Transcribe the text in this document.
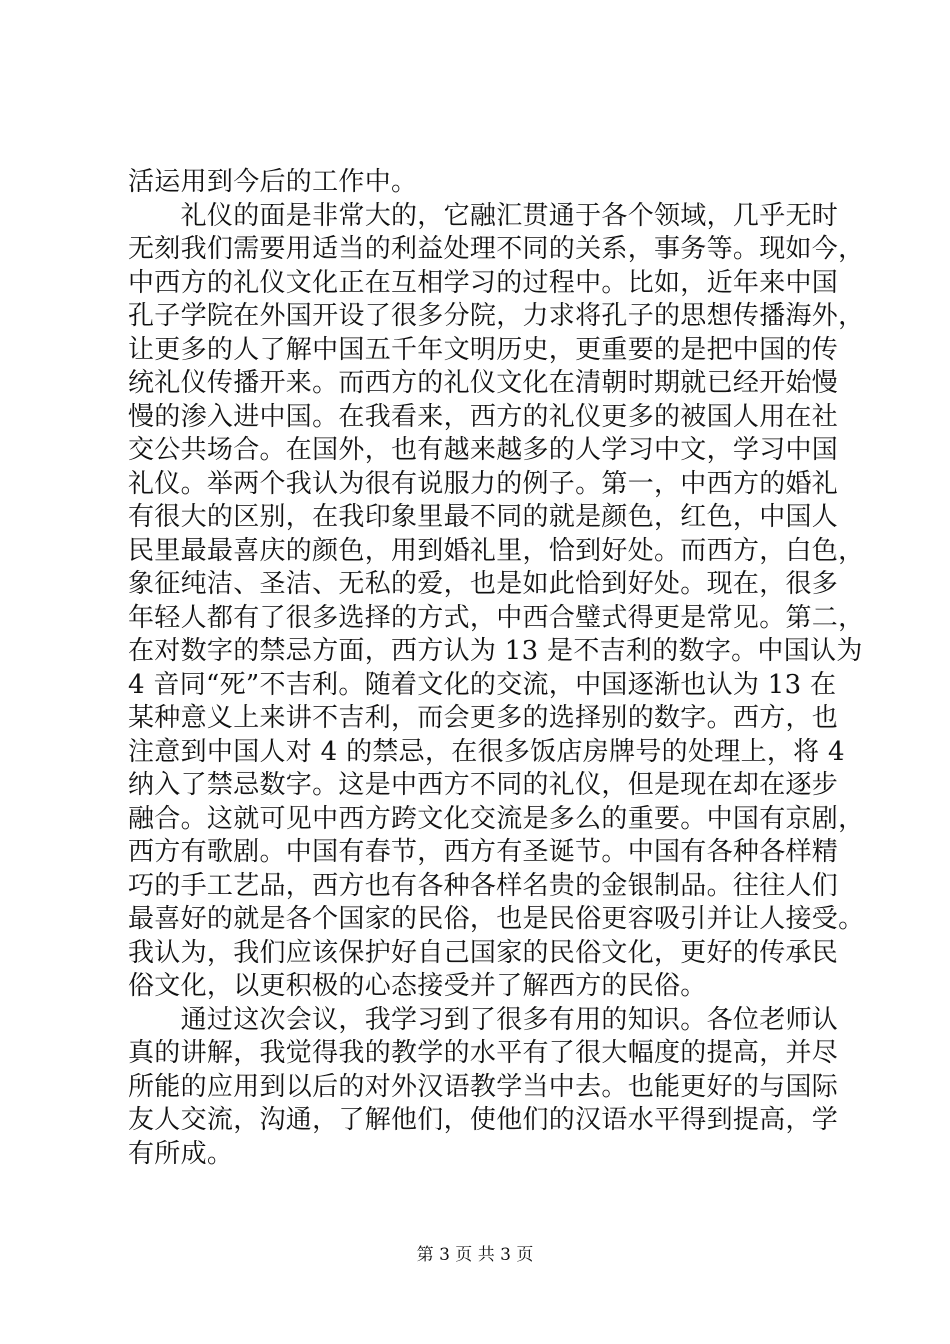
活运用到今后的工作中。
　　礼仪的面是非常大的，它融汇贯通于各个领域，几乎无时
无刻我们需要用适当的利益处理不同的关系，事务等。现如今，
中西方的礼仪文化正在互相学习的过程中。比如，近年来中国
孔子学院在外国开设了很多分院，力求将孔子的思想传播海外，
让更多的人了解中国五千年文明历史，更重要的是把中国的传
统礼仪传播开来。而西方的礼仪文化在清朝时期就已经开始慢
慢的渗入进中国。在我看来，西方的礼仪更多的被国人用在社
交公共场合。在国外，也有越来越多的人学习中文，学习中国
礼仪。举两个我认为很有说服力的例子。第一，中西方的婚礼
有很大的区别，在我印象里最不同的就是颜色，红色，中国人
民里最最喜庆的颜色，用到婚礼里，恰到好处。而西方，白色，
象征纯洁、圣洁、无私的爱，也是如此恰到好处。现在，很多
年轻人都有了很多选择的方式，中西合璧式得更是常见。第二，
在对数字的禁忌方面，西方认为 13 是不吉利的数字。中国认为
4 音同“死”不吉利。随着文化的交流，中国逐渐也认为 13 在
某种意义上来讲不吉利，而会更多的选择别的数字。西方，也
注意到中国人对 4 的禁忌，在很多饭店房牌号的处理上，将 4
纳入了禁忌数字。这是中西方不同的礼仪，但是现在却在逐步
融合。这就可见中西方跨文化交流是多么的重要。中国有京剧，
西方有歌剧。中国有春节，西方有圣诞节。中国有各种各样精
巧的手工艺品，西方也有各种各样名贵的金银制品。往往人们
最喜好的就是各个国家的民俗，也是民俗更容吸引并让人接受。
我认为，我们应该保护好自己国家的民俗文化，更好的传承民
俗文化，以更积极的心态接受并了解西方的民俗。
　　通过这次会议，我学习到了很多有用的知识。各位老师认
真的讲解，我觉得我的教学的水平有了很大幅度的提高，并尽
所能的应用到以后的对外汉语教学当中去。也能更好的与国际
友人交流，沟通，了解他们，使他们的汉语水平得到提高，学
有所成。
第 3 页 共 3 页
